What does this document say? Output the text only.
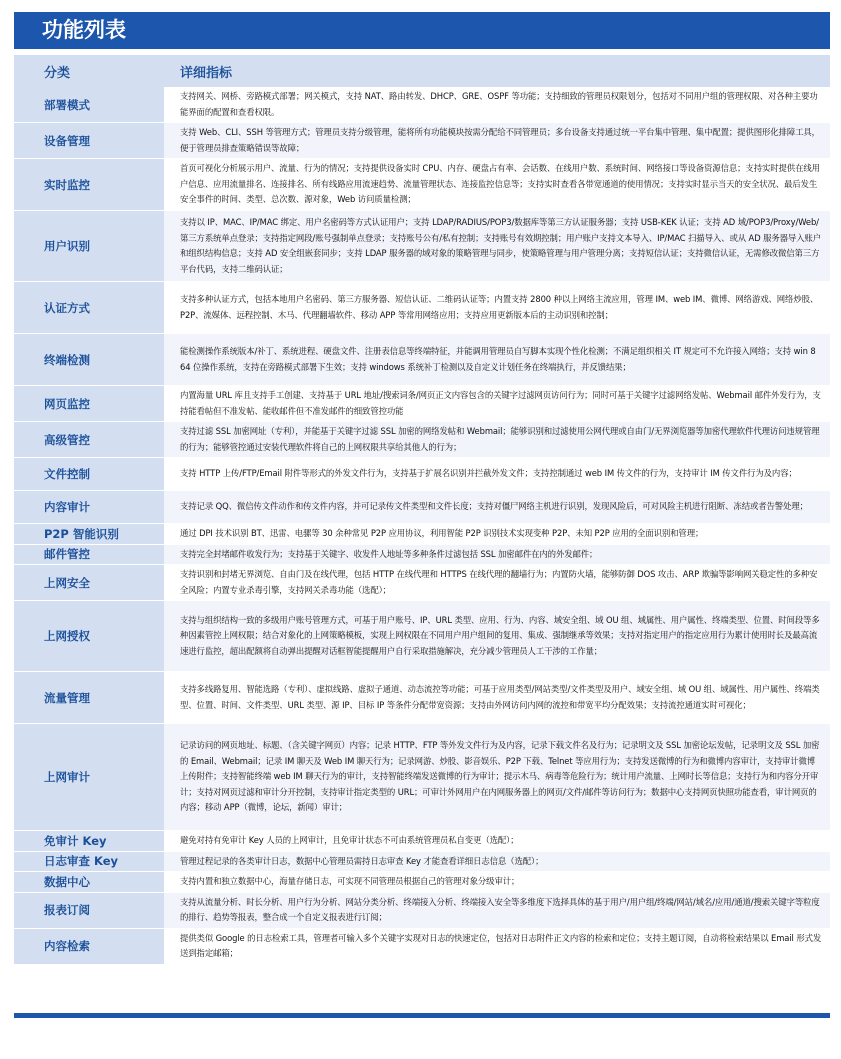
功能列表
分类	详细指标
部署模式	支持网关、网桥、旁路模式部署；网关模式，支持 NAT、路由转发、DHCP、GRE、OSPF 等功能；支持细致的管理员权限划分，包括对不同用户组的管理权限、对各种主要功能界面的配置和查看权限。
设备管理	支持 Web、CLI、SSH 等管理方式；管理员支持分级管理，能将所有功能模块按需分配给不同管理员；多台设备支持通过统一平台集中管理、集中配置；提供图形化排障工具，便于管理员排查策略错误等故障；
实时监控	首页可视化分析展示用户、流量、行为的情况；支持提供设备实时 CPU、内存、硬盘占有率、会话数、在线用户数、系统时间、网络接口等设备资源信息；支持实时提供在线用户信息、应用流量排名、连接排名、所有线路应用流速趋势、流量管理状态、连接监控信息等；支持实时查看各带宽通道的使用情况；支持实时显示当天的安全状况、最后发生安全事件的时间、类型、总次数、源对象，Web 访问质量检测；
用户识别	支持以 IP、MAC、IP/MAC 绑定、用户名密码等方式认证用户；支持 LDAP/RADIUS/POP3/数据库等第三方认证服务器；支持 USB-KEK 认证；支持 AD 域/POP3/Proxy/Web/第三方系统单点登录；支持指定网段/账号强制单点登录；支持账号公有/私有控制；支持账号有效期控制；用户账户支持文本导入、IP/MAC 扫描导入、或从 AD 服务器导入账户和组织结构信息；支持 AD 安全组嵌套同步；支持 LDAP 服务器的域对象的策略管理与同步，使策略管理与用户管理分离；支持短信认证；支持微信认证，无需修改微信第三方平台代码，支持二维码认证；
认证方式	支持多种认证方式，包括本地用户名密码、第三方服务器、短信认证、二维码认证等；内置支持 2800 种以上网络主流应用，管理 IM、web IM、微博、网络游戏、网络炒股、P2P、流媒体、远程控制、木马、代理翻墙软件、移动 APP 等常用网络应用；支持应用更新版本后的主动识别和控制；
终端检测	能检测操作系统版本/补丁、系统进程、硬盘文件、注册表信息等终端特征，并能调用管理员自写脚本实现个性化检测；不满足组织相关 IT 规定可不允许接入网络；支持 win 8 64 位操作系统，支持在旁路模式部署下生效；支持 windows 系统补丁检测以及自定义计划任务在终端执行，并反馈结果；
网页监控	内置海量 URL 库且支持手工创建、支持基于 URL 地址/搜索词条/网页正文内容包含的关键字过滤网页访问行为；同时可基于关键字过滤网络发帖、Webmail 邮件外发行为，支持能看帖但不准发帖、能收邮件但不准发邮件的细致管控功能
高级管控	支持过滤 SSL 加密网址（专利），并能基于关键字过滤 SSL 加密的网络发帖和 Webmail；能够识别和过滤使用公网代理或自由门/无界浏览器等加密代理软件代理访问违规管理的行为；能够管控通过安装代理软件将自己的上网权限共享给其他人的行为；
文件控制	支持 HTTP 上传/FTP/Email 附件等形式的外发文件行为，支持基于扩展名识别并拦截外发文件；支持控制通过 web IM 传文件的行为，支持审计 IM 传文件行为及内容；
内容审计	支持记录 QQ、微信传文件动作和传文件内容，并可记录传文件类型和文件长度；支持对僵尸网络主机进行识别，发现风险后，可对风险主机进行阻断、冻结或者告警处理；
P2P 智能识别	通过 DPI 技术识别 BT、迅雷、电骡等 30 余种常见 P2P 应用协议，利用智能 P2P 识别技术实现变种 P2P、未知 P2P 应用的全面识别和管理；
邮件管控	支持完全封堵邮件收发行为；支持基于关键字、收发件人地址等多种条件过滤包括 SSL 加密邮件在内的外发邮件；
上网安全	支持识别和封堵无界浏览、自由门及在线代理，包括 HTTP 在线代理和 HTTPS 在线代理的翻墙行为；内置防火墙，能够防御 DOS 攻击、ARP 欺骗等影响网关稳定性的多种安全风险；内置专业杀毒引擎，支持网关杀毒功能（选配）；
上网授权	支持与组织结构一致的多级用户账号管理方式，可基于用户账号、IP、URL 类型、应用、行为、内容、域安全组、域 OU 组、域属性、用户属性、终端类型、位置、时间段等多种因素管控上网权限；结合对象化的上网策略模板，实现上网权限在不同用户用户组间的复用、集成、强制继承等效果；支持对指定用户的指定应用行为累计使用时长及最高流速进行监控，超出配额将自动弹出提醒对话框智能提醒用户自行采取措施解决，充分减少管理员人工干涉的工作量；
流量管理	支持多线路复用、智能选路（专利）、虚拟线路、虚拟子通道、动态流控等功能；可基于应用类型/网站类型/文件类型及用户、域安全组、域 OU 组、域属性、用户属性、终端类型、位置、时间、文件类型、URL 类型、源 IP、目标 IP 等条件分配带宽资源；支持由外网访问内网的流控和带宽平均分配效果；支持流控通道实时可视化；
上网审计	记录访问的网页地址、标题、（含关键字网页）内容；记录 HTTP、FTP 等外发文件行为及内容，记录下载文件名及行为；记录明文及 SSL 加密论坛发帖，记录明文及 SSL 加密的 Email、Webmail；记录 IM 聊天及 Web IM 聊天行为；记录网游、炒股、影音娱乐、P2P 下载、Telnet 等应用行为；支持发送微博的行为和微博内容审计，支持审计微博上传附件；支持智能终端 web IM 聊天行为的审计，支持智能终端发送微博的行为审计；提示木马、病毒等危险行为；统计用户流量、上网时长等信息；支持行为和内容分开审计；支持对网页过滤和审计分开控制，支持审计指定类型的 URL；可审计外网用户在内网服务器上的网页/文件/邮件等访问行为；数据中心支持网页快照功能查看，审计网页的内容；移动 APP（微博，论坛，新闻）审计；
免审计 Key	避免对持有免审计 Key 人员的上网审计，且免审计状态不可由系统管理员私自变更（选配）；
日志审查 Key	管理过程记录的各类审计日志，数据中心管理员需持日志审查 Key 才能查看详细日志信息（选配）；
数据中心	支持内置和独立数据中心，海量存储日志，可实现不同管理员根据自己的管理对象分级审计；
报表订阅	支持从流量分析、时长分析、用户行为分析、网站分类分析、终端接入分析、终端接入安全等多维度下选择具体的基于用户/用户组/终端/网站/域名/应用/通道/搜索关键字等粒度的排行、趋势等报表，整合成一个自定义报表进行订阅；
内容检索	提供类似 Google 的日志检索工具，管理者可输入多个关键字实现对日志的快速定位，包括对日志附件正文内容的检索和定位；支持主题订阅，自动将检索结果以 Email 形式发送到指定邮箱；
